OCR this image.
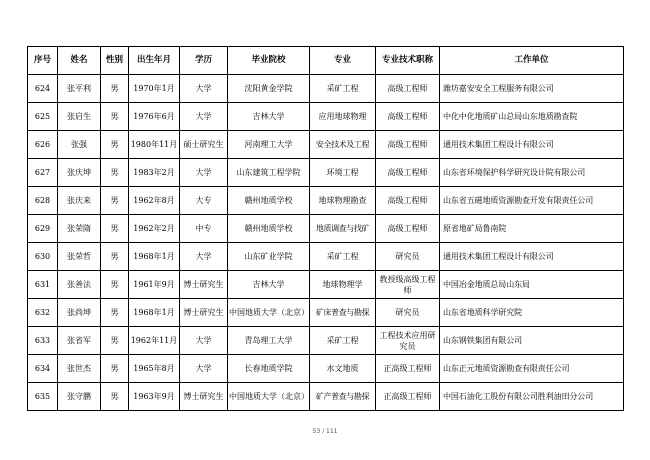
序号	姓名	性别	出生年月	学历	毕业院校	专业	专业技术职称	工作单位
624	张平利	男	1970年1月	大学	沈阳黄金学院	采矿工程	高级工程师	潍坊嘉安安全工程服务有限公司
625	张启生	男	1976年6月	大学	吉林大学	应用地球物理	高级工程师	中化中化地质矿山总局山东地质勘查院
626	张强	男	1980年11月	硕士研究生	河南理工大学	安全技术及工程	高级工程师	通用技术集团工程设计有限公司
627	张庆坤	男	1983年2月	大学	山东建筑工程学院	环境工程	高级工程师	山东省环境保护科学研究设计院有限公司
628	张庆来	男	1962年8月	大专	赣州地质学校	地球物理勘查	高级工程师	山东省五磁地质资源勘查开发有限责任公司
629	张荣隋	男	1962年2月	中专	赣州地质学校	地质调查与找矿	高级工程师	原省地矿局鲁南院
630	张荣哲	男	1968年1月	大学	山东矿业学院	采矿工程	研究员	通用技术集团工程设计有限公司
631	张善法	男	1961年9月	博士研究生	吉林大学	地球物理学	教授级高级工程师	中国冶金地质总局山东局
632	张尚坤	男	1968年1月	博士研究生	中国地质大学（北京）	矿床普查与勘探	研究员	山东省地质科学研究院
633	张省军	男	1962年11月	大学	青岛理工大学	采矿工程	工程技术应用研究员	山东钢铁集团有限公司
634	张世杰	男	1965年8月	大学	长春地质学院	水文地质	正高级工程师	山东正元地质资源勘查有限责任公司
635	张守鹏	男	1963年9月	博士研究生	中国地质大学（北京）	矿产普查与勘探	正高级工程师	中国石油化工股份有限公司胜利油田分公司
53 / 111
